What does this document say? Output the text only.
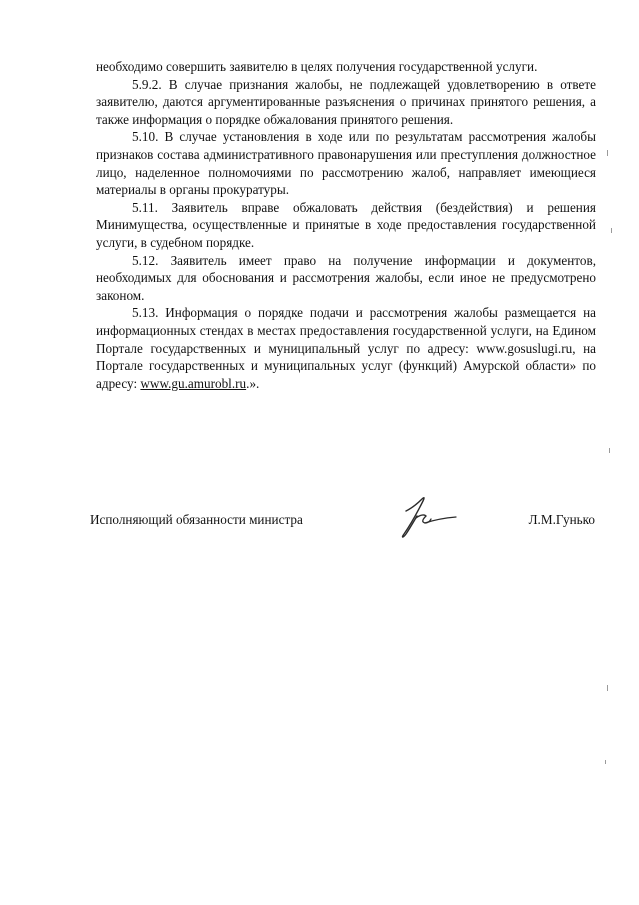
необходимо совершить заявителю в целях получения государственной услуги.

5.9.2. В случае признания жалобы, не подлежащей удовлетворению в ответе заявителю, даются аргументированные разъяснения о причинах принятого решения, а также информация о порядке обжалования принятого решения.

5.10. В случае установления в ходе или по результатам рассмотрения жалобы признаков состава административного правонарушения или преступления должностное лицо, наделенное полномочиями по рассмотрению жалоб, направляет имеющиеся материалы в органы прокуратуры.

5.11. Заявитель вправе обжаловать действия (бездействия) и решения Минимущества, осуществленные и принятые в ходе предоставления государственной услуги, в судебном порядке.

5.12. Заявитель имеет право на получение информации и документов, необходимых для обоснования и рассмотрения жалобы, если иное не предусмотрено законом.

5.13. Информация о порядке подачи и рассмотрения жалобы размещается на информационных стендах в местах предоставления государственной услуги, на Едином Портале государственных и муниципальный услуг по адресу: www.gosuslugi.ru, на Портале государственных и муниципальных услуг (функций) Амурской области» по адресу: www.gu.amurobl.ru.».

Исполняющий обязанности министра	Л.М.Гунько
